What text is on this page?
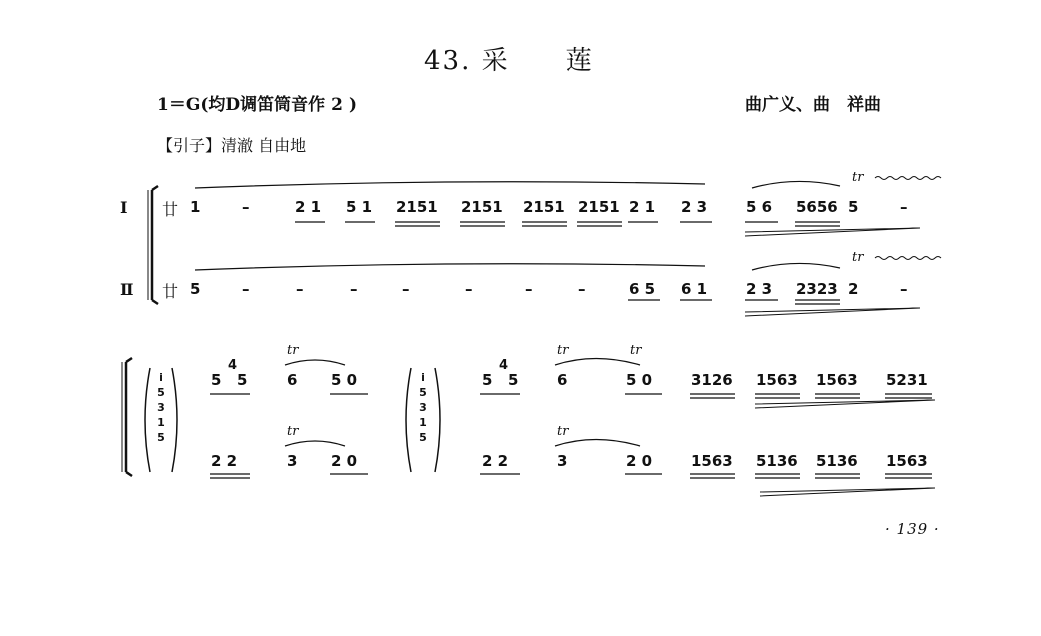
43. 采　　莲
1＝G(均D调笛筒音作 2 )	曲广义、曲　祥曲
【引子】清澈 自由地
I
Ⅱ
廿
廿
1	–	2 1 5 1 2151 2151 2151 2151 2 1 2 3	5 6 5656 5	–
tr
5	–	–	–	–	–	–	–	6 5 6 1	2 3 2323 2	–
tr
i
5
3
1
5
i
5
3
1
5
5
4
5	6 5 0
tr
5
4
5	6	5 0
tr	tr
3126 1563 1563 5231
2 2	3 2 0
tr
2 2	3	2 0
tr
1563 5136 5136 1563
· 139 ·
